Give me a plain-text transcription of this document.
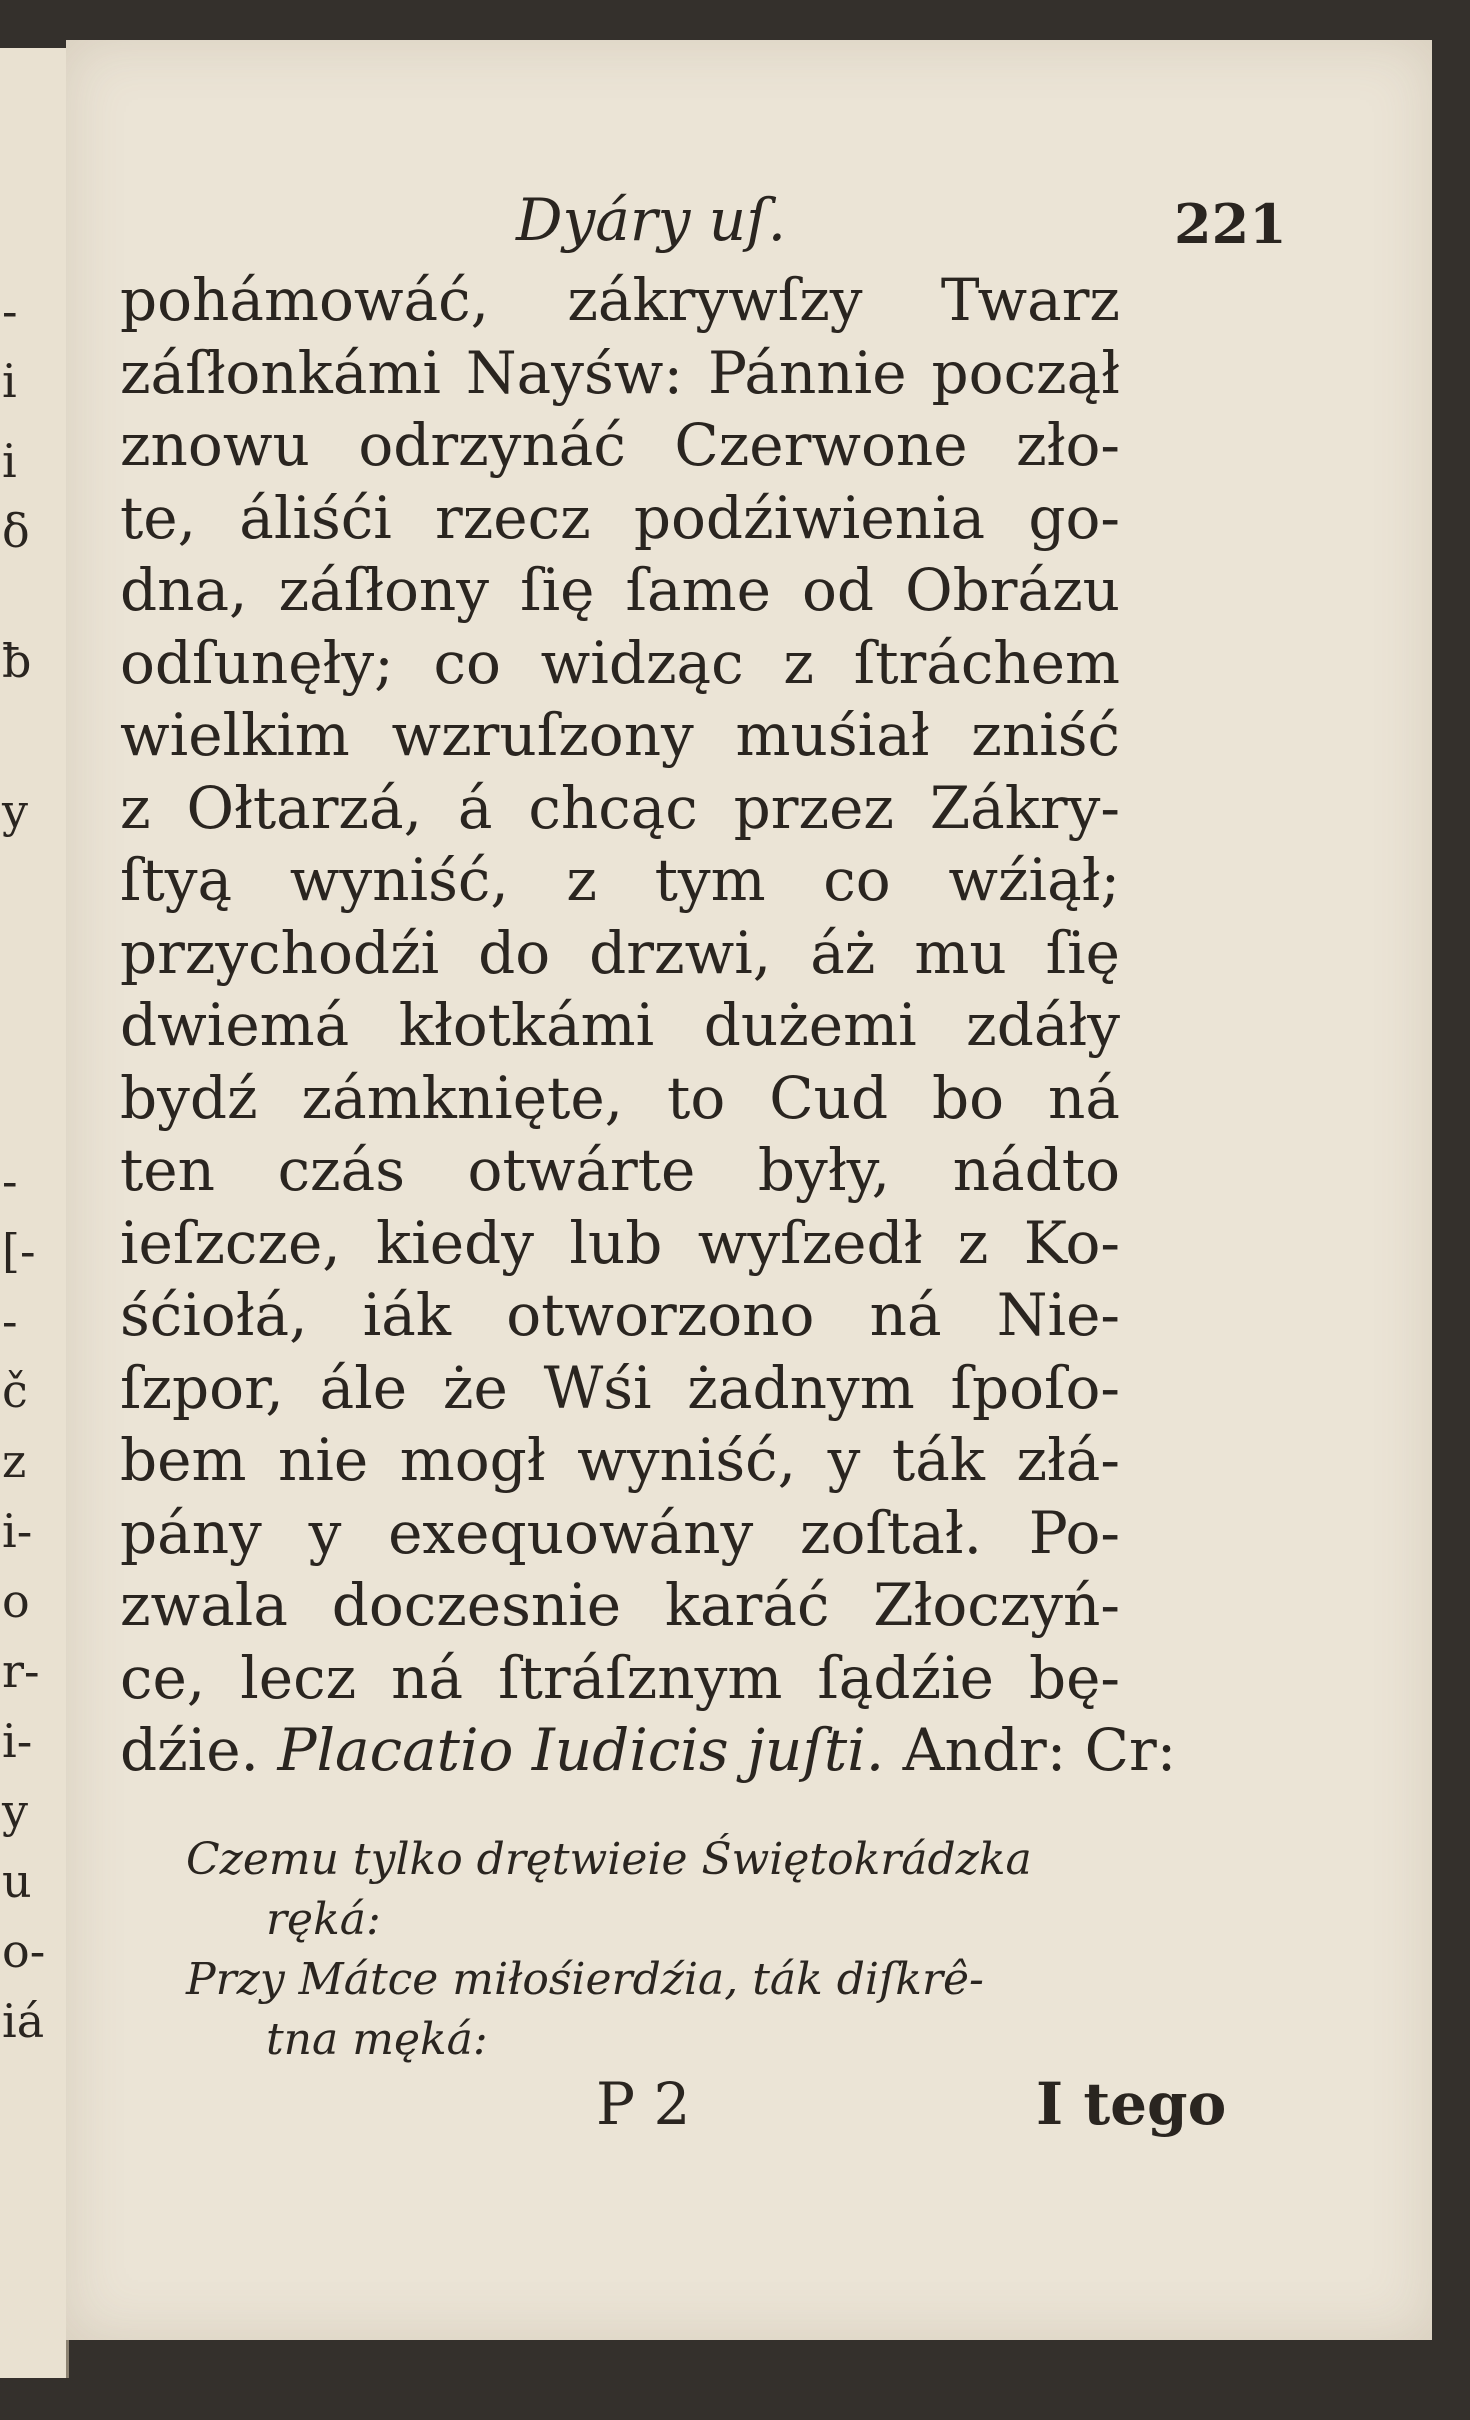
-
i
i
ẟ
ƀ
y
-
[-
-
č
z
i-
o
r-
i-
y
u
o-
iá
Dyáry uſ.	221
pohámowáć, zákrywſzy Twarz
záſłonkámi Nayśw: Pánnie począł
znowu odrzynáć Czerwone zło-
te, áliśći rzecz podźiwienia go-
dna, záſłony ſię ſame od Obrázu
odſunęły; co widząc z ſtráchem
wielkim wzruſzony muśiał zniść
z Ołtarzá, á chcąc przez Zákry-
ſtyą wyniść, z tym co wźiął;
przychodźi do drzwi, áż mu ſię
dwiemá kłotkámi dużemi zdáły
bydź zámknięte, to Cud bo ná
ten czás otwárte były, nádto
ieſzcze, kiedy lub wyſzedł z Ko-
śćiołá, iák otworzono ná Nie-
ſzpor, ále że Wśi żadnym ſpoſo-
bem nie mogł wyniść, y ták złá-
pány y exequowány zoſtał. Po-
zwala doczesnie karáć Złoczyń-
ce, lecz ná ſtráſznym ſądźie bę-
dźie. Placatio Iudicis juſti. Andr: Cr:
Czemu tylko drętwieie Świętokrádzka
ręká:
Przy Mátce miłośierdźia, ták diſkrê-
tna męká:
P 2	I tego
